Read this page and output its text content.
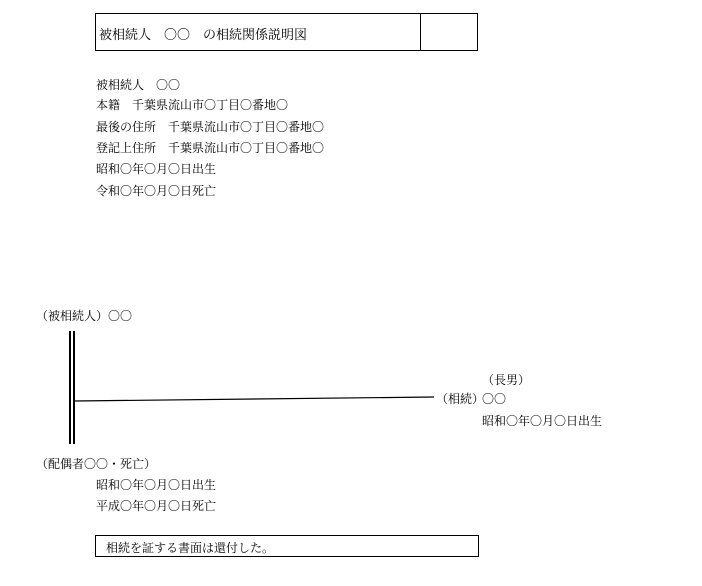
被相続人　〇〇　の相続関係説明図
被相続人　〇〇
本籍　千葉県流山市〇丁目〇番地〇
最後の住所　千葉県流山市〇丁目〇番地〇
登記上住所　千葉県流山市〇丁目〇番地〇
昭和〇年〇月〇日出生
令和〇年〇月〇日死亡
（被相続人）〇〇
（長男）
（相続）
〇〇
昭和〇年〇月〇日出生
（配偶者〇〇・死亡）
昭和〇年〇月〇日出生
平成〇年〇月〇日死亡
相続を証する書面は還付した。
